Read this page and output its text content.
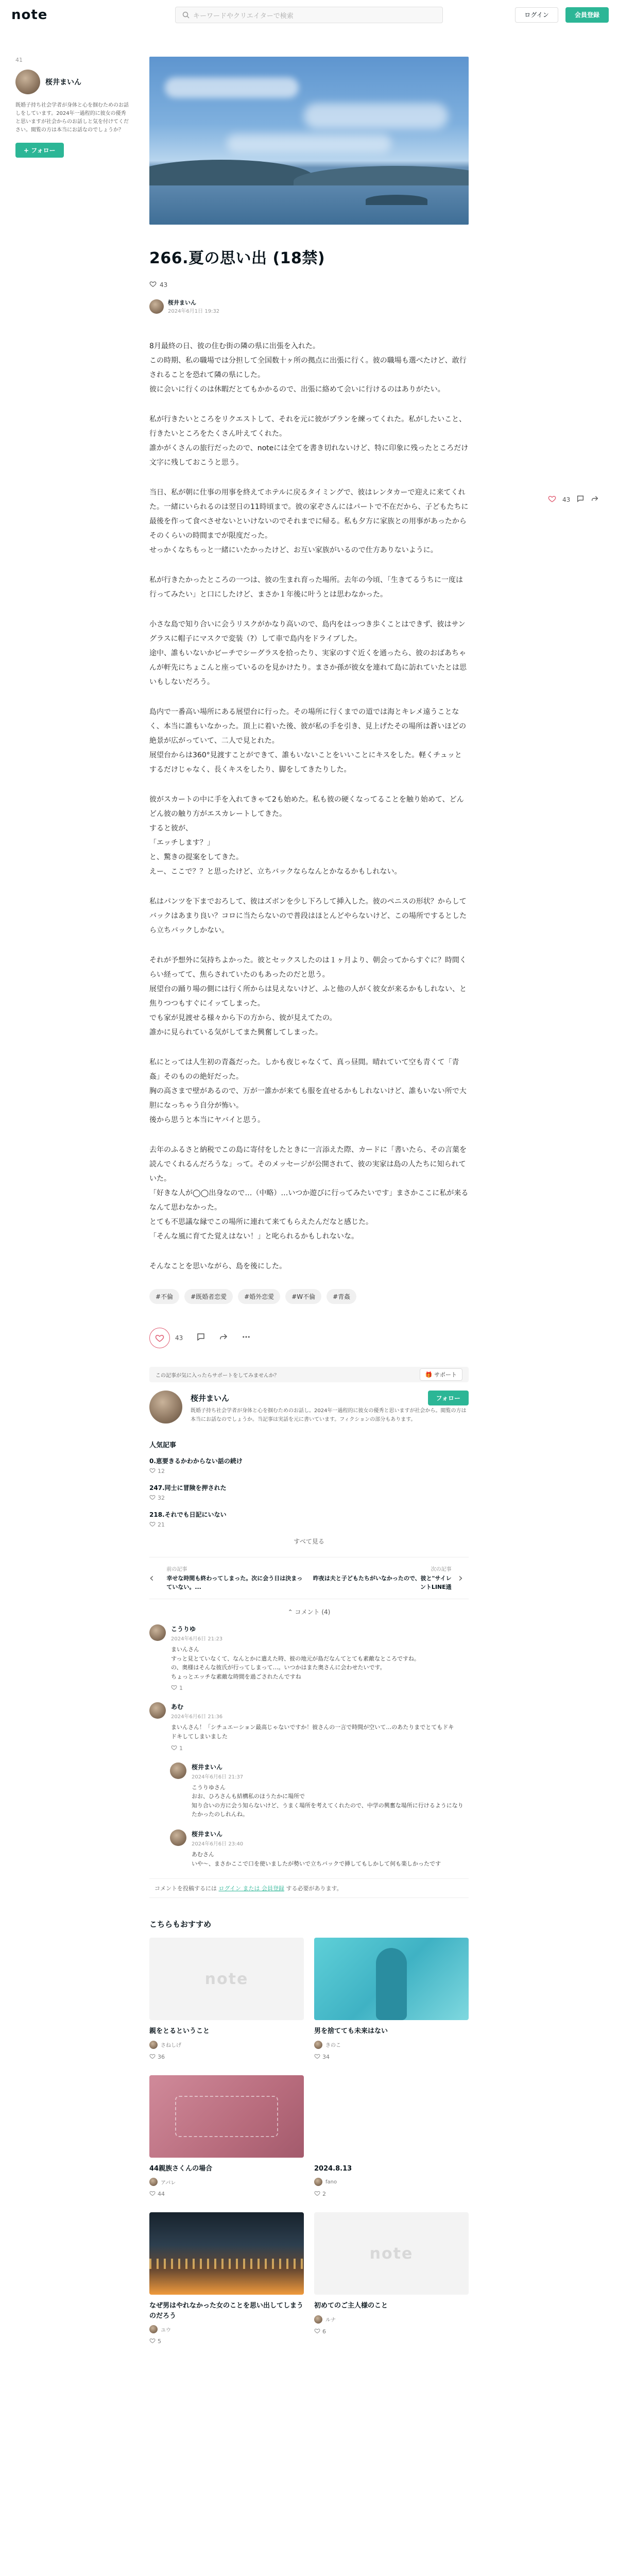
note	キーワードやクリエイターで検索	ログイン	会員登録
41
桜井まいん
既婚子持ち社会学者が身体と心を掴むためのお話しをしています。2024年一過程的に彼女の優秀と思いますが社会からのお話しと気を付けてください。閲覧の方は本当にお話なのでしょうか？
+ フォロー
266.夏の思い出 (18禁)
43
桜井まいん
2024年6月1日 19:32

8月最終の日、彼の住む街の隣の県に出張を入れた。
この時期、私の職場では分担して全国数十ヶ所の拠点に出張に行く。彼の職場も選べたけど、敢行されることを恐れて隣の県にした。
彼に会いに行くのは休暇だとてもかかるので、出張に絡めて会いに行けるのはありがたい。

私が行きたいところをリクエストして、それを元に彼がプランを練ってくれた。私がしたいこと、行きたいところをたくさん叶えてくれた。
誰かがくさんの旅行だったので、noteには全てを書き切れないけど、特に印象に残ったところだけ文字に残しておこうと思う。

当日、私が朝に仕事の用事を終えてホテルに戻るタイミングで、彼はレンタカーで迎えに来てくれた。一緒にいられるのは翌日の11時頃まで。彼の家ぞさんにはパートで不在だから、子どもたちに最後を作って食べさせないといけないのでそれまでに帰る。私も夕方に家族との用事があったからそのくらいの時間までが限度だった。
せっかくなちもっと一緒にいたかったけど、お互い家族がいるので仕方ありないように。

私が行きたかったところの一つは、彼の生まれ育った場所。去年の今頃、「生きてるうちに一度は行ってみたい」と口にしたけど、まさか１年後に叶うとは思わなかった。

小さな島で知り合いに会うリスクがかなり高いので、島内をはっつき歩くことはできず、彼はサングラスに帽子にマスクで変装（?）して車で島内をドライブした。
途中、誰もいないかビーチでシーグラスを拾ったり、実家のすぐ近くを通ったら、彼のおばあちゃんが軒先にちょこんと座っているのを見かけたり。まさか孫が彼女を連れて島に訪れていたとは思いもしないだろう。

島内で一番高い場所にある展望台に行った。その場所に行くまでの道では海とキレメ遠うことなく、本当に誰もいなかった。頂上に着いた後、彼が私の手を引き、見上げたその場所は蒼いほどの絶景が広がっていて、二人で見とれた。
展望台からは360°見渡すことができて、誰もいないことをいいことにキスをした。軽くチュッとするだけじゃなく、長くキスをしたり、脚をしてきたりした。

彼がスカートの中に手を入れてきゃて2も始めた。私も彼の硬くなってることを触り始めて、どんどん彼の触り方がエスカレートしてきた。
すると彼が、
「エッチします？」
と、驚きの提案をしてきた。
えー、ここで？？と思ったけど、立ちバックならなんとかなるかもしれない。

私はパンツを下までおろして、彼はズボンを少し下ろして挿入した。彼のペニスの形状？からしてバックはあまり良い？コロに当たらないので普段はほとんどやらないけど、この場所でするとしたら立ちバックしかない。

それが予想外に気持ちよかった。彼とセックスしたのは１ヶ月より、朝会ってからすぐに？時間くらい経ってて、焦らされていたのもあったのだと思う。
展望台の踊り場の側には行く所からは見えないけど、ふと他の人がく彼女が来るかもしれない、と焦りつつもすぐにイッてしまった。
でも家が見渡せる様々から下の方から、彼が見えてたの。
誰かに見られている気がしてまた興奮してしまった。

私にとっては人生初の青姦だった。しかも夜じゃなくて、真っ昼間。晴れていて空も青くて「青姦」そのものの絶好だった。
胸の高さまで壁があるので、万が一誰かが来ても服を直せるかもしれないけど、誰もいない所で大胆になっちゃう自分が怖い。
後から思うと本当にヤバイと思う。

去年のふるさと納税でこの島に寄付をしたときに一言添えた際、カードに「書いたら、その言葉を読んでくれるんだろうな」って。そのメッセージが公開されて、彼の実家は島の人たちに知られていた。
「好きな人が◯◯出身なので…（中略）…いつか遊びに行ってみたいです」まさかここに私が来るなんて思わなかった。
とても不思議な縁でこの場所に連れて来てもらえたんだなと感じた。
「そんな風に育てた覚えはない！」と叱られるかもしれないな。

そんなことを思いながら、島を後にした。

#不倫	#既婚者恋愛	#婚外恋愛	#W不倫	#青姦
43
この記事が気に入ったらサポートをしてみませんか？	🎁 サポート
桜井まいん
既婚子持ち社会学者が身体と心を掴むためのお話し。2024年一過程的に彼女の優秀と思いますが社会から。閲覧の方は本当にお話なのでしょうか。当記事は実話を元に書いています。フィクションの部分もあります。
フォロー
人気記事
0.恵要きるかわからない話の続け
12
247.同士に冒険を押された
32
218.それでも日記にいない
21
すべて見る
‹
前の記事
幸せな時間も終わってしまった。次に会う日は決まっていない。...
次の記事
昨夜は夫と子どもたちがいなかったので、彼と"サイレントLINE通
›
⌃ コメント (4)
こうりゆ
2024年6月6日 21:23
まいんさん
すっと見とていなくて、なんとかに遣えた時、彼の地元が島だなんてとても素敵なところですね。
の、奥様はそんな彼氏が行ってしまって…。いつかはまた奥さんに会わせたいです。
ちょっとエッチな素敵な時間を過ごされたんですね
1
あむ
2024年6月6日 21:36
まいんさん！「シチュエーション最高じゃないですか！彼さんの一言で時間が空いて…のあたりまでとてもドキドキしてしまいました
1
桜井まいん
2024年6月6日 21:37
こうりゆさん
おお、ひろさんも結構私のほうたかに場所で
知り合いの方に会う知らないけど、うまく場所を考えてくれたので、中学の興奮な場所に行けるようになりたかったのしれんね。
桜井まいん
2024年6月6日 23:40
あむさん
いや〜、まさかここで口を使いましたが勢いで立ちバックで挿してもしかして何も楽しかったです
コメントを投稿するには ログイン または 会員登録 する必要があります。
こちらもおすすめ
note
親をとるということ
さねしげ
36
男を捨てても未来はない
きのこ
34
44親族さくんの場合
アパレ
44
2024.8.13
fano
2
なぜ男はやれなかった女のことを思い出してしまうのだろう
ユウ
5
note
初めてのご主人様のこと
ルナ
6
43
